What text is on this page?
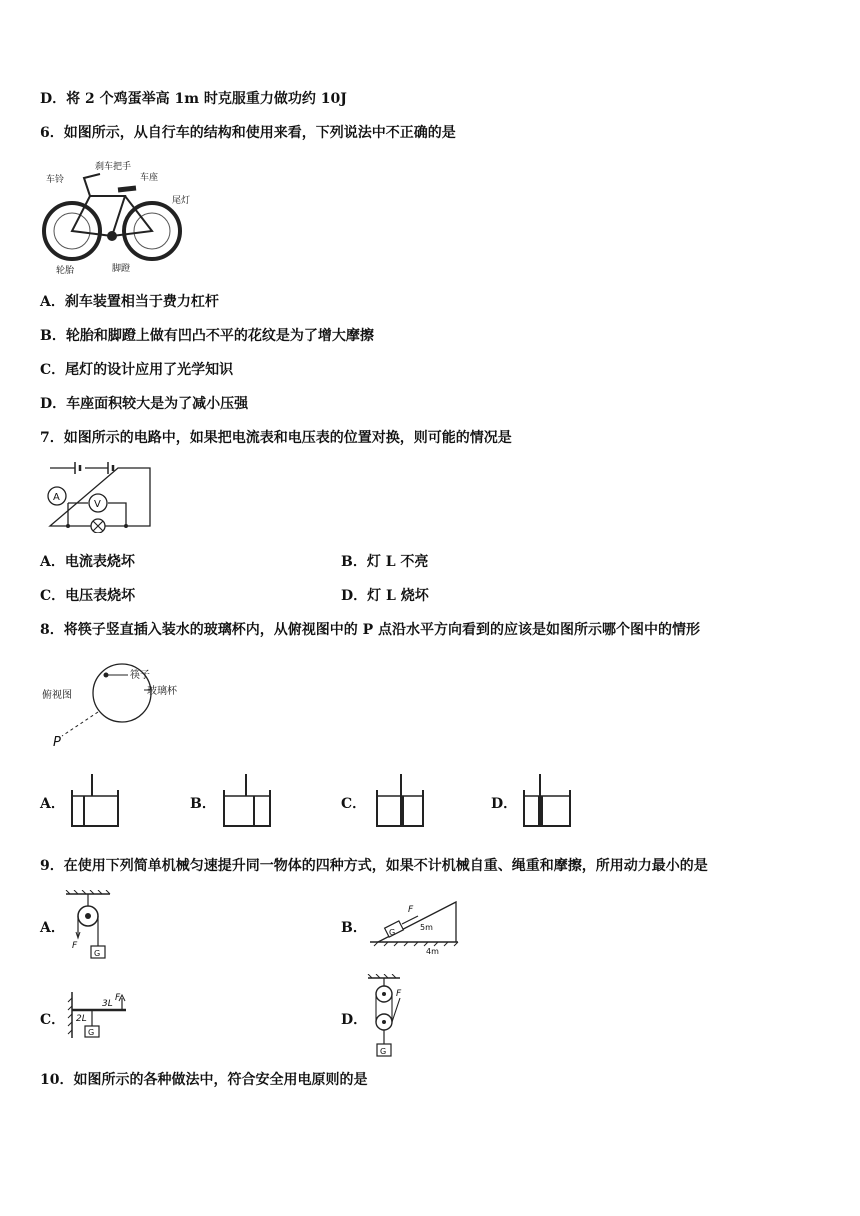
D．将 2 个鸡蛋举高 1m 时克服重力做功约 10J
6．如图所示，从自行车的结构和使用来看，下列说法中不正确的是
车铃
刹车把手
车座
尾灯
轮胎	脚蹬
A．刹车装置相当于费力杠杆
B．轮胎和脚蹬上做有凹凸不平的花纹是为了增大摩擦
C．尾灯的设计应用了光学知识
D．车座面积较大是为了减小压强
7．如图所示的电路中，如果把电流表和电压表的位置对换，则可能的情况是
A
V
A．电流表烧坏	B．灯 L 不亮
C．电压表烧坏	D．灯 L 烧坏
8．将筷子竖直插入装水的玻璃杯内，从俯视图中的 P 点沿水平方向看到的应该是如图所示哪个图中的情形
筷子
玻璃杯
俯视图
P
A．	B．	C．	D．
9．在使用下列简单机械匀速提升同一物体的四种方式，如果不计机械自重、绳重和摩擦，所用动力最小的是
A．
F
G
B．	G
F
5m
4m
C．
F
3L
2L
G
D．
F
G
10．如图所示的各种做法中，符合安全用电原则的是
